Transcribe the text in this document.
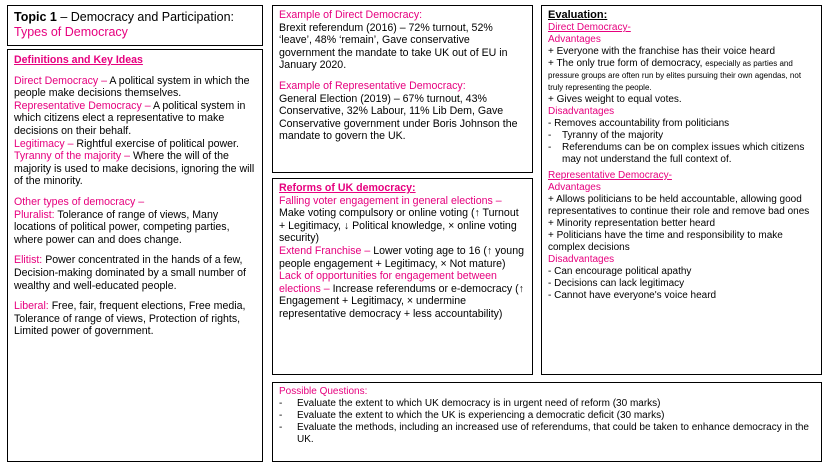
Topic 1 – Democracy and Participation:

Types of Democracy

Definitions and Key Ideas

Direct Democracy – A political system in which the people make decisions themselves.

Representative Democracy – A political system in which citizens elect a representative to make decisions on their behalf.

Legitimacy – Rightful exercise of political power.

Tyranny of the majority – Where the will of the majority is used to make decisions, ignoring the will of the minority.

Other types of democracy –

Pluralist: Tolerance of range of views, Many locations of political power, competing parties, where power can and does change.

Elitist: Power concentrated in the hands of a few, Decision-making dominated by a small number of wealthy and well-educated people.

Liberal: Free, fair, frequent elections, Free media, Tolerance of range of views, Protection of rights, Limited power of government.

Example of Direct Democracy:

Brexit referendum (2016) – 72% turnout, 52% ‘leave’, 48% ‘remain’, Gave conservative government the mandate to take UK out of EU in January 2020.

Example of Representative Democracy:

General Election (2019) – 67% turnout, 43% Conservative, 32% Labour, 11% Lib Dem, Gave Conservative government under Boris Johnson the mandate to govern the UK.

Reforms of UK democracy:

Falling voter engagement in general elections –

Make voting compulsory or online voting (↑ Turnout + Legitimacy, ↓ Political knowledge, × online voting security)

Extend Franchise – Lower voting age to 16 (↑ young people engagement + Legitimacy, × Not mature)

Lack of opportunities for engagement between elections – Increase referendums or e-democracy (↑ Engagement + Legitimacy, × undermine representative democracy + less accountability)

Evaluation:

Direct Democracy-

Advantages

+ Everyone with the franchise has their voice heard

+ The only true form of democracy, especially as parties and pressure groups are often run by elites pursuing their own agendas, not truly representing the people.

+ Gives weight to equal votes.

Disadvantages

- Removes accountability from politicians

-	Tyranny of the majority
-	Referendums can be on complex issues which citizens may not understand the full context of.

Representative Democracy-

Advantages

+ Allows politicians to be held accountable, allowing good representatives to continue their role and remove bad ones

+ Minority representation better heard

+ Politicians have the time and responsibility to make complex decisions

Disadvantages

- Can encourage political apathy

- Decisions can lack legitimacy

- Cannot have everyone's voice heard

Possible Questions:

-	Evaluate the extent to which UK democracy is in urgent need of reform (30 marks)
-	Evaluate the extent to which the UK is experiencing a democratic deficit (30 marks)
-	Evaluate the methods, including an increased use of referendums, that could be taken to enhance democracy in the UK.
